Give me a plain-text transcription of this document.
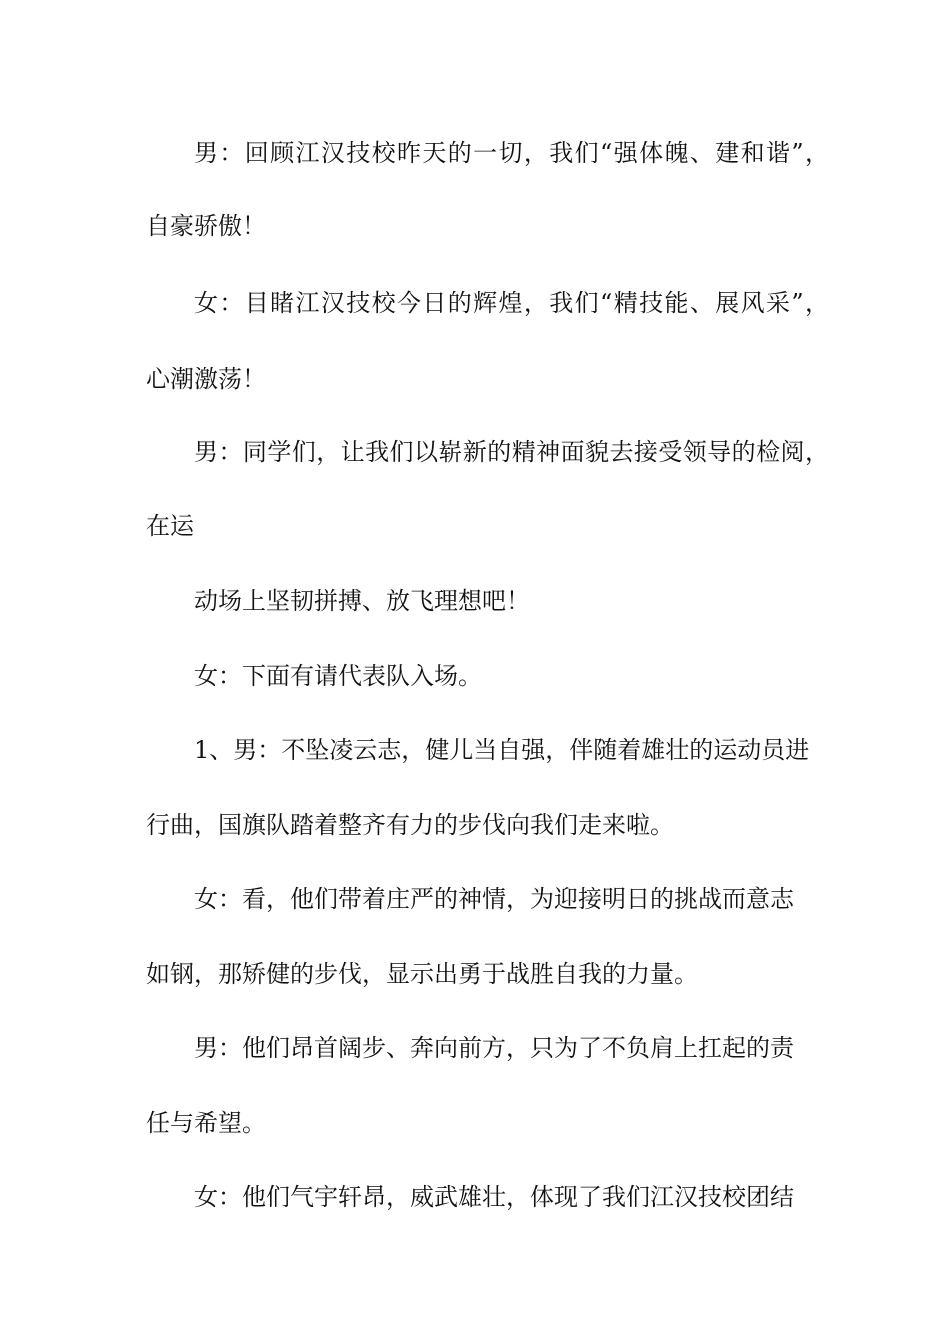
男：回顾江汉技校昨天的一切，我们“强体魄、建和谐”，

自豪骄傲！

女：目睹江汉技校今日的辉煌，我们“精技能、展风采”，

心潮激荡！

男：同学们，让我们以崭新的精神面貌去接受领导的检阅，

在运

动场上坚韧拼搏、放飞理想吧！

女：下面有请代表队入场。

1、男：不坠凌云志，健儿当自强，伴随着雄壮的运动员进

行曲，国旗队踏着整齐有力的步伐向我们走来啦。

女：看，他们带着庄严的神情，为迎接明日的挑战而意志

如钢，那矫健的步伐，显示出勇于战胜自我的力量。

男：他们昂首阔步、奔向前方，只为了不负肩上扛起的责

任与希望。

女：他们气宇轩昂，威武雄壮，体现了我们江汉技校团结
